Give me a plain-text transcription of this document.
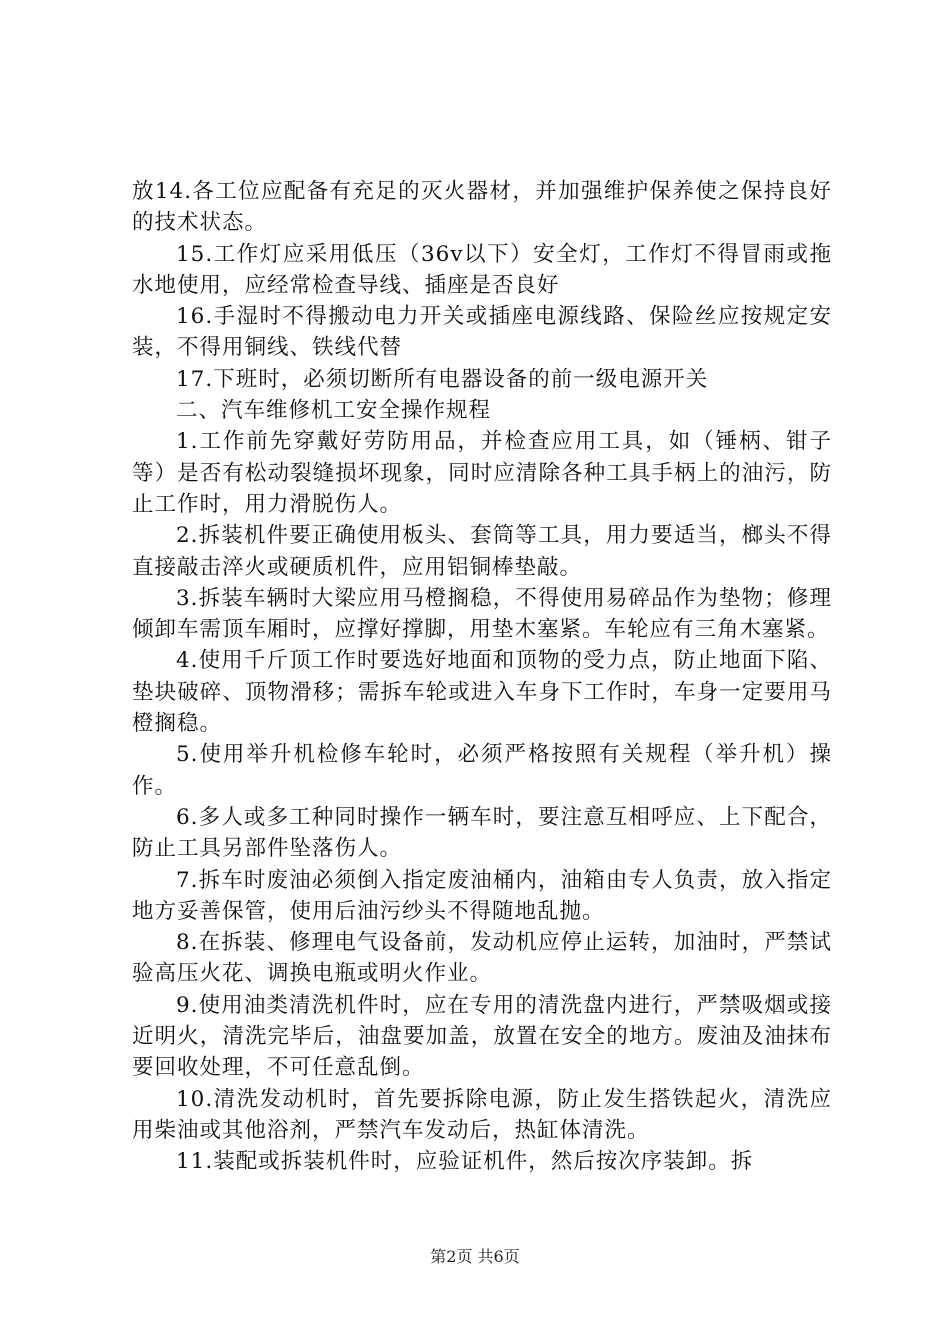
放14.各工位应配备有充足的灭火器材，并加强维护保养使之保持良好的技术状态。

15.工作灯应采用低压（36v以下）安全灯，工作灯不得冒雨或拖水地使用，应经常检查导线、插座是否良好

16.手湿时不得搬动电力开关或插座电源线路、保险丝应按规定安装，不得用铜线、铁线代替

17.下班时，必须切断所有电器设备的前一级电源开关

二、汽车维修机工安全操作规程

1.工作前先穿戴好劳防用品，并检查应用工具，如（锤柄、钳子等）是否有松动裂缝损坏现象，同时应清除各种工具手柄上的油污，防止工作时，用力滑脱伤人。

2.拆装机件要正确使用板头、套筒等工具，用力要适当，榔头不得直接敲击淬火或硬质机件，应用铝铜棒垫敲。

3.拆装车辆时大梁应用马橙搁稳，不得使用易碎品作为垫物；修理倾卸车需顶车厢时，应撑好撑脚，用垫木塞紧。车轮应有三角木塞紧。

4.使用千斤顶工作时要选好地面和顶物的受力点，防止地面下陷、垫块破碎、顶物滑移；需拆车轮或进入车身下工作时，车身一定要用马橙搁稳。

5.使用举升机检修车轮时，必须严格按照有关规程（举升机）操作。

6.多人或多工种同时操作一辆车时，要注意互相呼应、上下配合，防止工具另部件坠落伤人。

7.拆车时废油必须倒入指定废油桶内，油箱由专人负责，放入指定地方妥善保管，使用后油污纱头不得随地乱抛。

8.在拆装、修理电气设备前，发动机应停止运转，加油时，严禁试验高压火花、调换电瓶或明火作业。

9.使用油类清洗机件时，应在专用的清洗盘内进行，严禁吸烟或接近明火，清洗完毕后，油盘要加盖，放置在安全的地方。废油及油抹布要回收处理，不可任意乱倒。

10.清洗发动机时，首先要拆除电源，防止发生搭铁起火，清洗应用柴油或其他浴剂，严禁汽车发动后，热缸体清洗。

11.装配或拆装机件时，应验证机件，然后按次序装卸。拆

第2页 共6页
